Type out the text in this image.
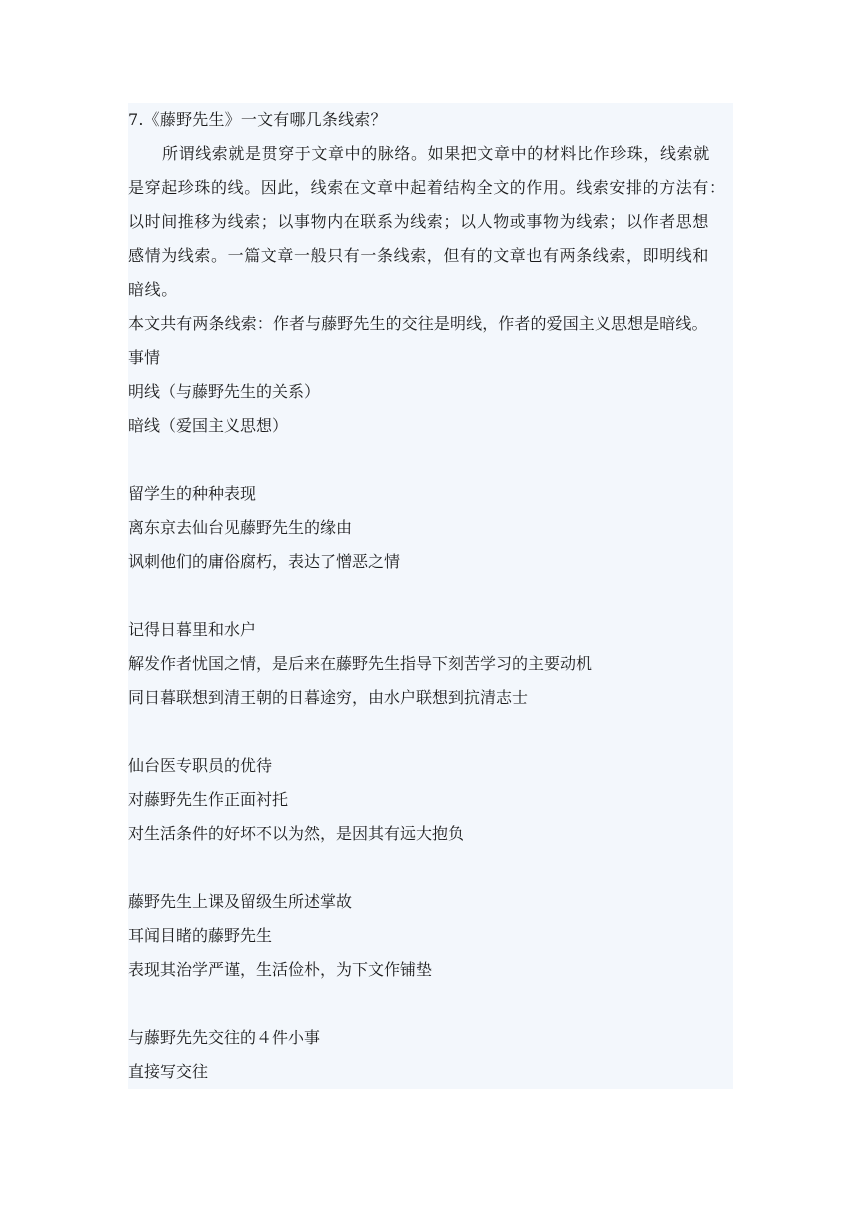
7.《藤野先生》一文有哪几条线索？
所谓线索就是贯穿于文章中的脉络。如果把文章中的材料比作珍珠，线索就
是穿起珍珠的线。因此，线索在文章中起着结构全文的作用。线索安排的方法有：
以时间推移为线索；以事物内在联系为线索；以人物或事物为线索；以作者思想
感情为线索。一篇文章一般只有一条线索，但有的文章也有两条线索，即明线和
暗线。
本文共有两条线索：作者与藤野先生的交往是明线，作者的爱国主义思想是暗线。
事情
明线（与藤野先生的关系）
暗线（爱国主义思想）
留学生的种种表现
离东京去仙台见藤野先生的缘由
讽刺他们的庸俗腐朽，表达了憎恶之情
记得日暮里和水户
解发作者忧国之情，是后来在藤野先生指导下刻苦学习的主要动机
同日暮联想到清王朝的日暮途穷，由水户联想到抗清志士
仙台医专职员的优待
对藤野先生作正面衬托
对生活条件的好坏不以为然，是因其有远大抱负
藤野先生上课及留级生所述掌故
耳闻目睹的藤野先生
表现其治学严谨，生活俭朴，为下文作铺垫
与藤野先先交往的４件小事
直接写交往
